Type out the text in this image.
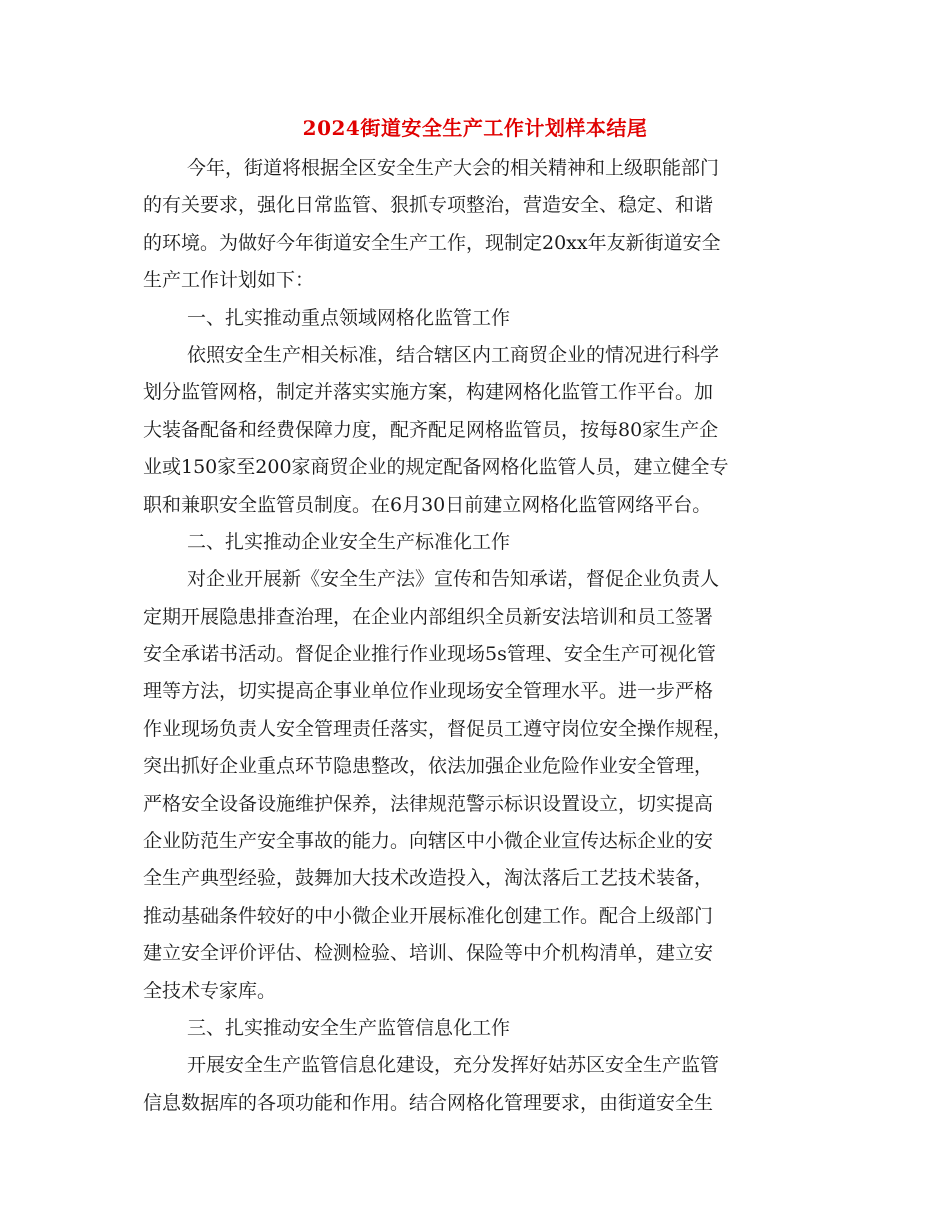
2024街道安全生产工作计划样本结尾
今年，街道将根据全区安全生产大会的相关精神和上级职能部门
的有关要求，强化日常监管、狠抓专项整治，营造安全、稳定、和谐
的环境。为做好今年街道安全生产工作，现制定20xx年友新街道安全
生产工作计划如下：
一、扎实推动重点领域网格化监管工作
依照安全生产相关标准，结合辖区内工商贸企业的情况进行科学
划分监管网格，制定并落实实施方案，构建网格化监管工作平台。加
大装备配备和经费保障力度，配齐配足网格监管员，按每80家生产企
业或150家至200家商贸企业的规定配备网格化监管人员，建立健全专
职和兼职安全监管员制度。在6月30日前建立网格化监管网络平台。
二、扎实推动企业安全生产标准化工作
对企业开展新《安全生产法》宣传和告知承诺，督促企业负责人
定期开展隐患排查治理，在企业内部组织全员新安法培训和员工签署
安全承诺书活动。督促企业推行作业现场5s管理、安全生产可视化管
理等方法，切实提高企事业单位作业现场安全管理水平。进一步严格
作业现场负责人安全管理责任落实，督促员工遵守岗位安全操作规程，
突出抓好企业重点环节隐患整改，依法加强企业危险作业安全管理，
严格安全设备设施维护保养，法律规范警示标识设置设立，切实提高
企业防范生产安全事故的能力。向辖区中小微企业宣传达标企业的安
全生产典型经验，鼓舞加大技术改造投入，淘汰落后工艺技术装备，
推动基础条件较好的中小微企业开展标准化创建工作。配合上级部门
建立安全评价评估、检测检验、培训、保险等中介机构清单，建立安
全技术专家库。
三、扎实推动安全生产监管信息化工作
开展安全生产监管信息化建设，充分发挥好姑苏区安全生产监管
信息数据库的各项功能和作用。结合网格化管理要求，由街道安全生
